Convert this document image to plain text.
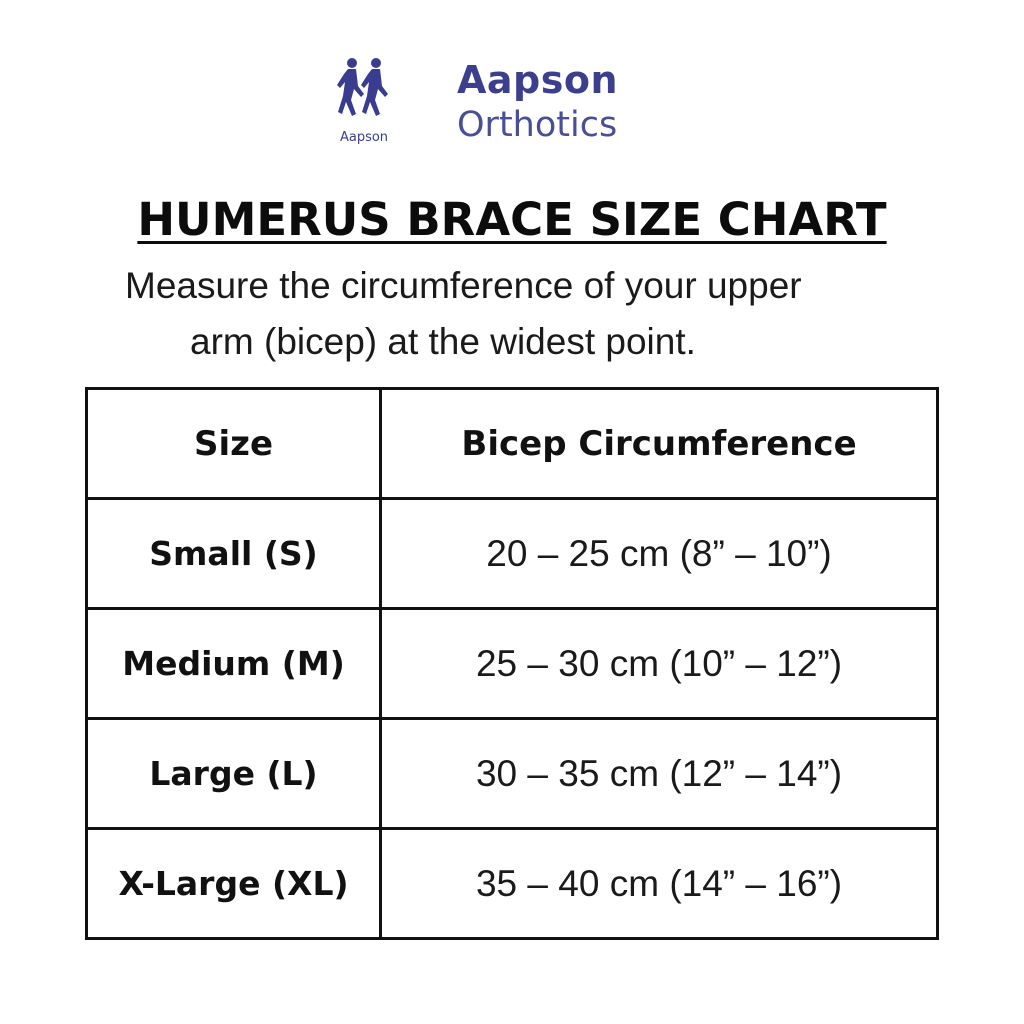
Aapson
Aapson
Orthotics
HUMERUS BRACE SIZE CHART
Measure the circumference of your upper
arm (bicep) at the widest point.
Size	Bicep Circumference
Small (S)	20 – 25 cm (8” – 10”)
Medium (M)	25 – 30 cm (10” – 12”)
Large (L)	30 – 35 cm (12” – 14”)
X-Large (XL)	35 – 40 cm (14” – 16”)
